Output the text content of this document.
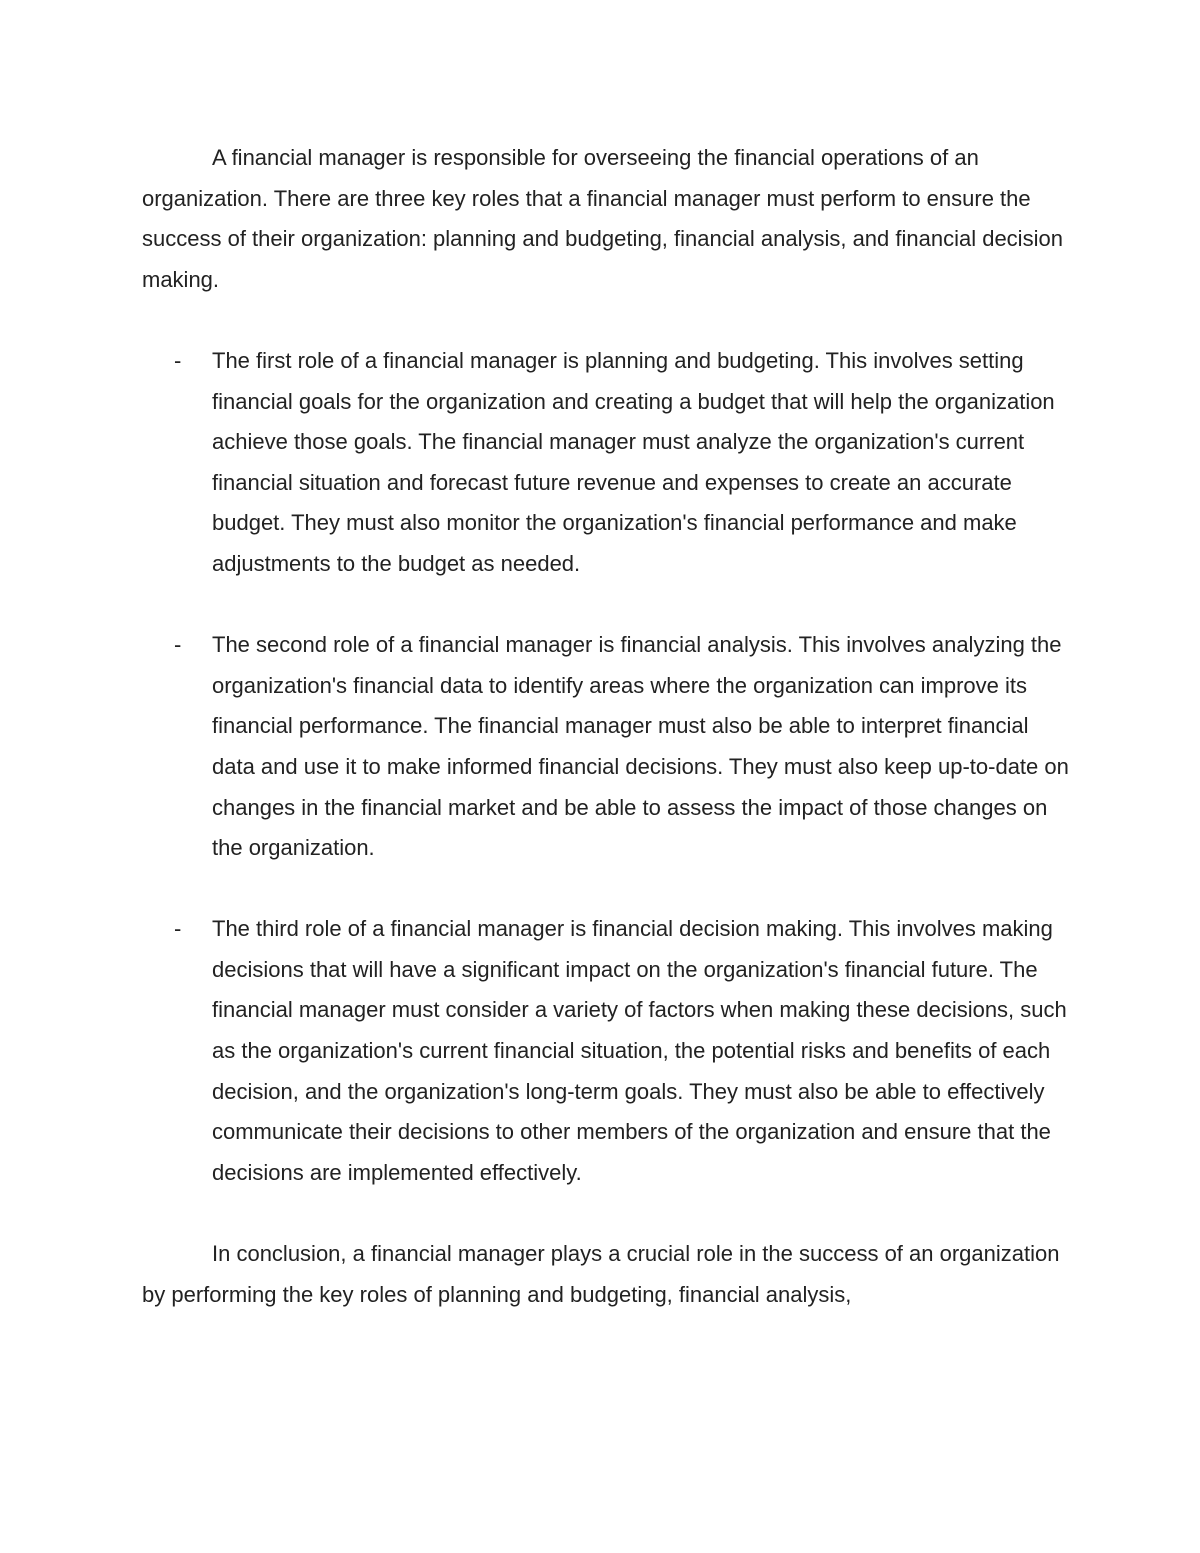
A financial manager is responsible for overseeing the financial operations of an organization. There are three key roles that a financial manager must perform to ensure the success of their organization: planning and budgeting, financial analysis, and financial decision making.

- The first role of a financial manager is planning and budgeting. This involves setting financial goals for the organization and creating a budget that will help the organization achieve those goals. The financial manager must analyze the organization's current financial situation and forecast future revenue and expenses to create an accurate budget. They must also monitor the organization's financial performance and make adjustments to the budget as needed.
- The second role of a financial manager is financial analysis. This involves analyzing the organization's financial data to identify areas where the organization can improve its financial performance. The financial manager must also be able to interpret financial data and use it to make informed financial decisions. They must also keep up-to-date on changes in the financial market and be able to assess the impact of those changes on the organization.
- The third role of a financial manager is financial decision making. This involves making decisions that will have a significant impact on the organization's financial future. The financial manager must consider a variety of factors when making these decisions, such as the organization's current financial situation, the potential risks and benefits of each decision, and the organization's long-term goals. They must also be able to effectively communicate their decisions to other members of the organization and ensure that the decisions are implemented effectively.

In conclusion, a financial manager plays a crucial role in the success of an organization by performing the key roles of planning and budgeting, financial analysis,
